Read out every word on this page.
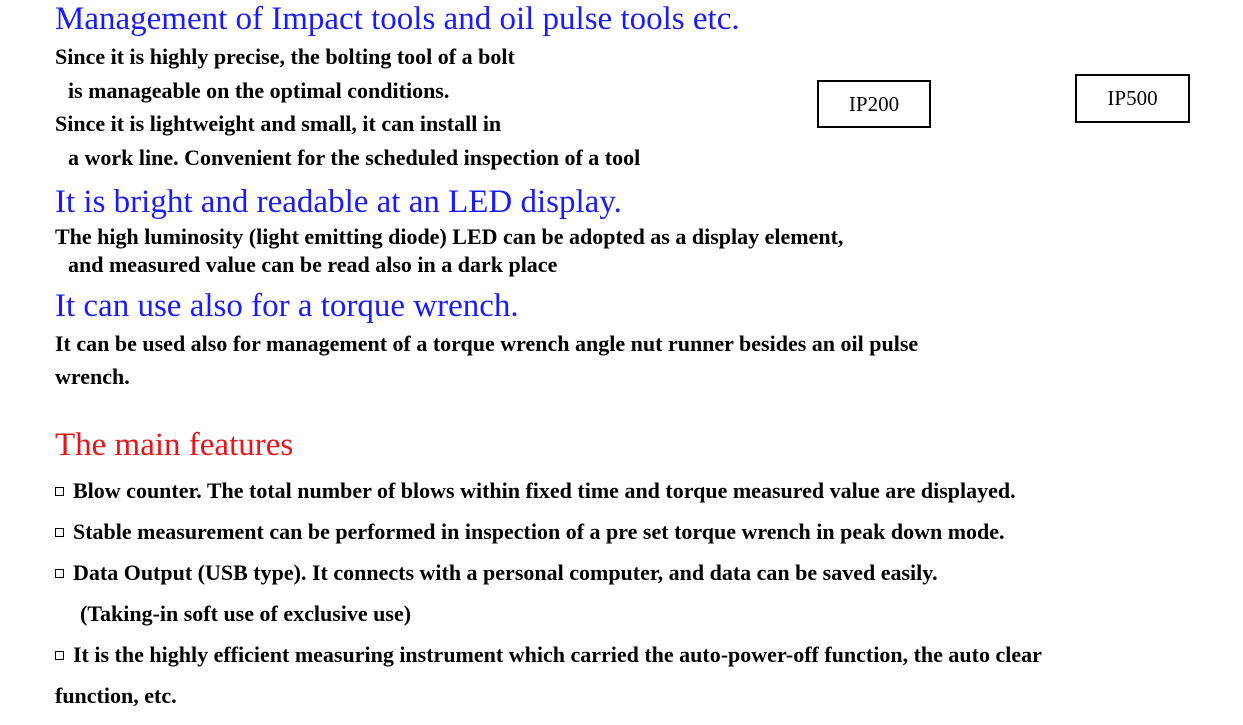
Management of Impact tools and oil pulse tools etc.

Since it is highly precise, the bolting tool of a bolt

is manageable on the optimal conditions.

Since it is lightweight and small, it can install in

a work line. Convenient for the scheduled inspection of a tool

IP200	IP500
It is bright and readable at an LED display.

The high luminosity (light emitting diode) LED can be adopted as a display element,

and measured value can be read also in a dark place

It can use also for a torque wrench.

It can be used also for management of a torque wrench angle nut runner besides an oil pulse

wrench.

The main features

Blow counter. The total number of blows within fixed time and torque measured value are displayed.

Stable measurement can be performed in inspection of a pre set torque wrench in peak down mode.

Data Output (USB type). It connects with a personal computer, and data can be saved easily.

(Taking-in soft use of exclusive use)

It is the highly efficient measuring instrument which carried the auto-power-off function, the auto clear

function, etc.
